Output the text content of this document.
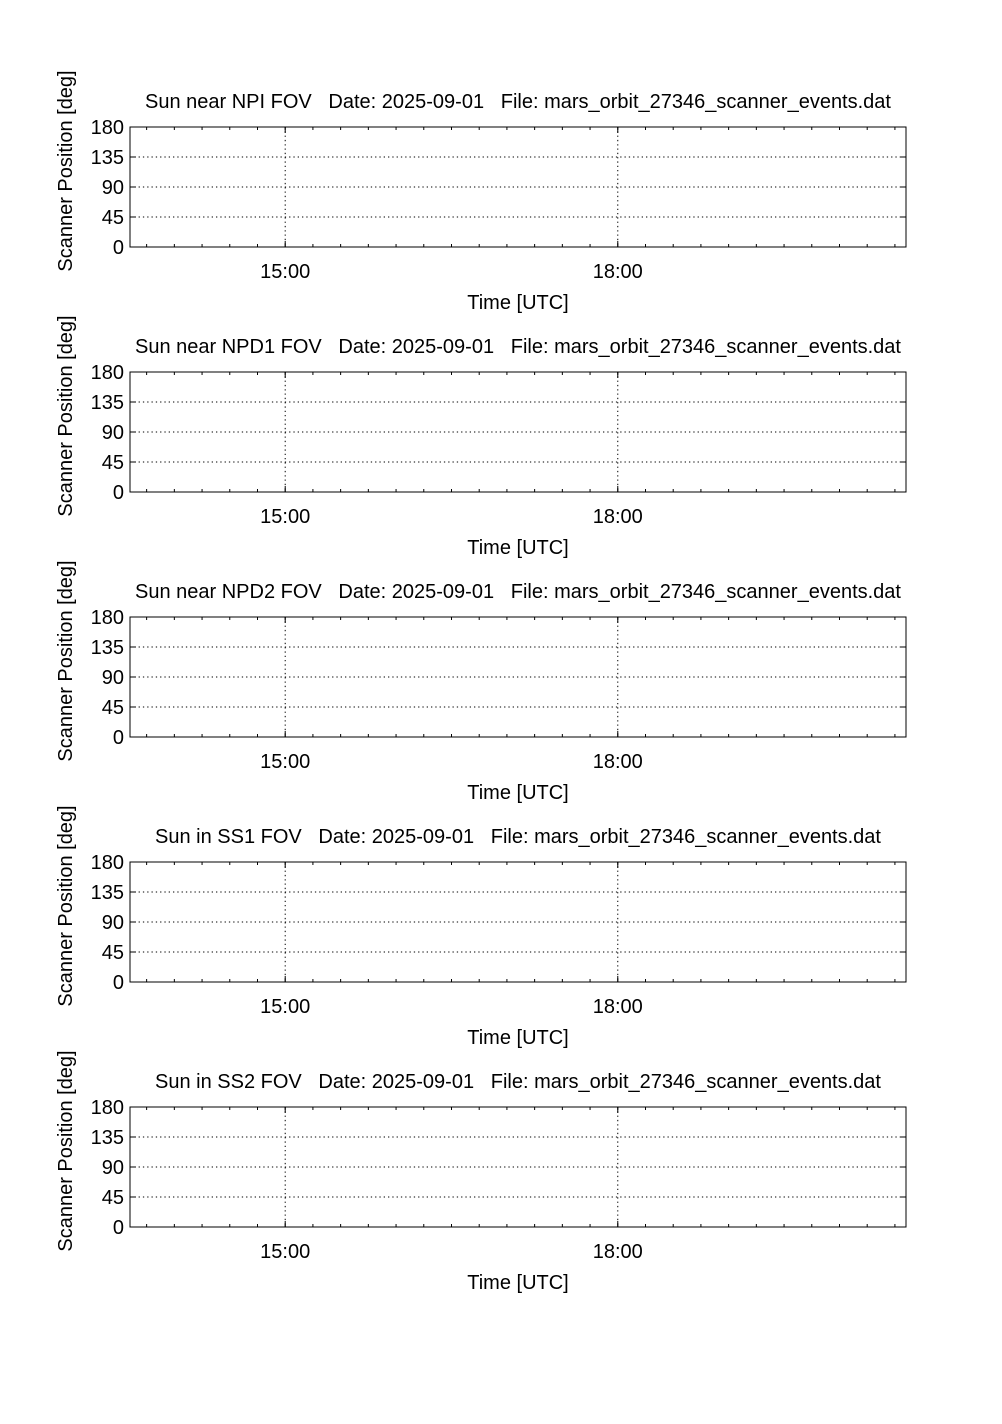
0
45
90
135
180
15:00	18:00
Sun near NPI FOV   Date: 2025-09-01   File: mars_orbit_27346_scanner_events.dat
Time [UTC]
Scanner Position [deg]
0
45
90
135
180
15:00	18:00
Sun near NPD1 FOV   Date: 2025-09-01   File: mars_orbit_27346_scanner_events.dat
Time [UTC]
Scanner Position [deg]
0
45
90
135
180
15:00	18:00
Sun near NPD2 FOV   Date: 2025-09-01   File: mars_orbit_27346_scanner_events.dat
Time [UTC]
Scanner Position [deg]
0
45
90
135
180
15:00	18:00
Sun in SS1 FOV   Date: 2025-09-01   File: mars_orbit_27346_scanner_events.dat
Time [UTC]
Scanner Position [deg]
0
45
90
135
180
15:00	18:00
Sun in SS2 FOV   Date: 2025-09-01   File: mars_orbit_27346_scanner_events.dat
Time [UTC]
Scanner Position [deg]
